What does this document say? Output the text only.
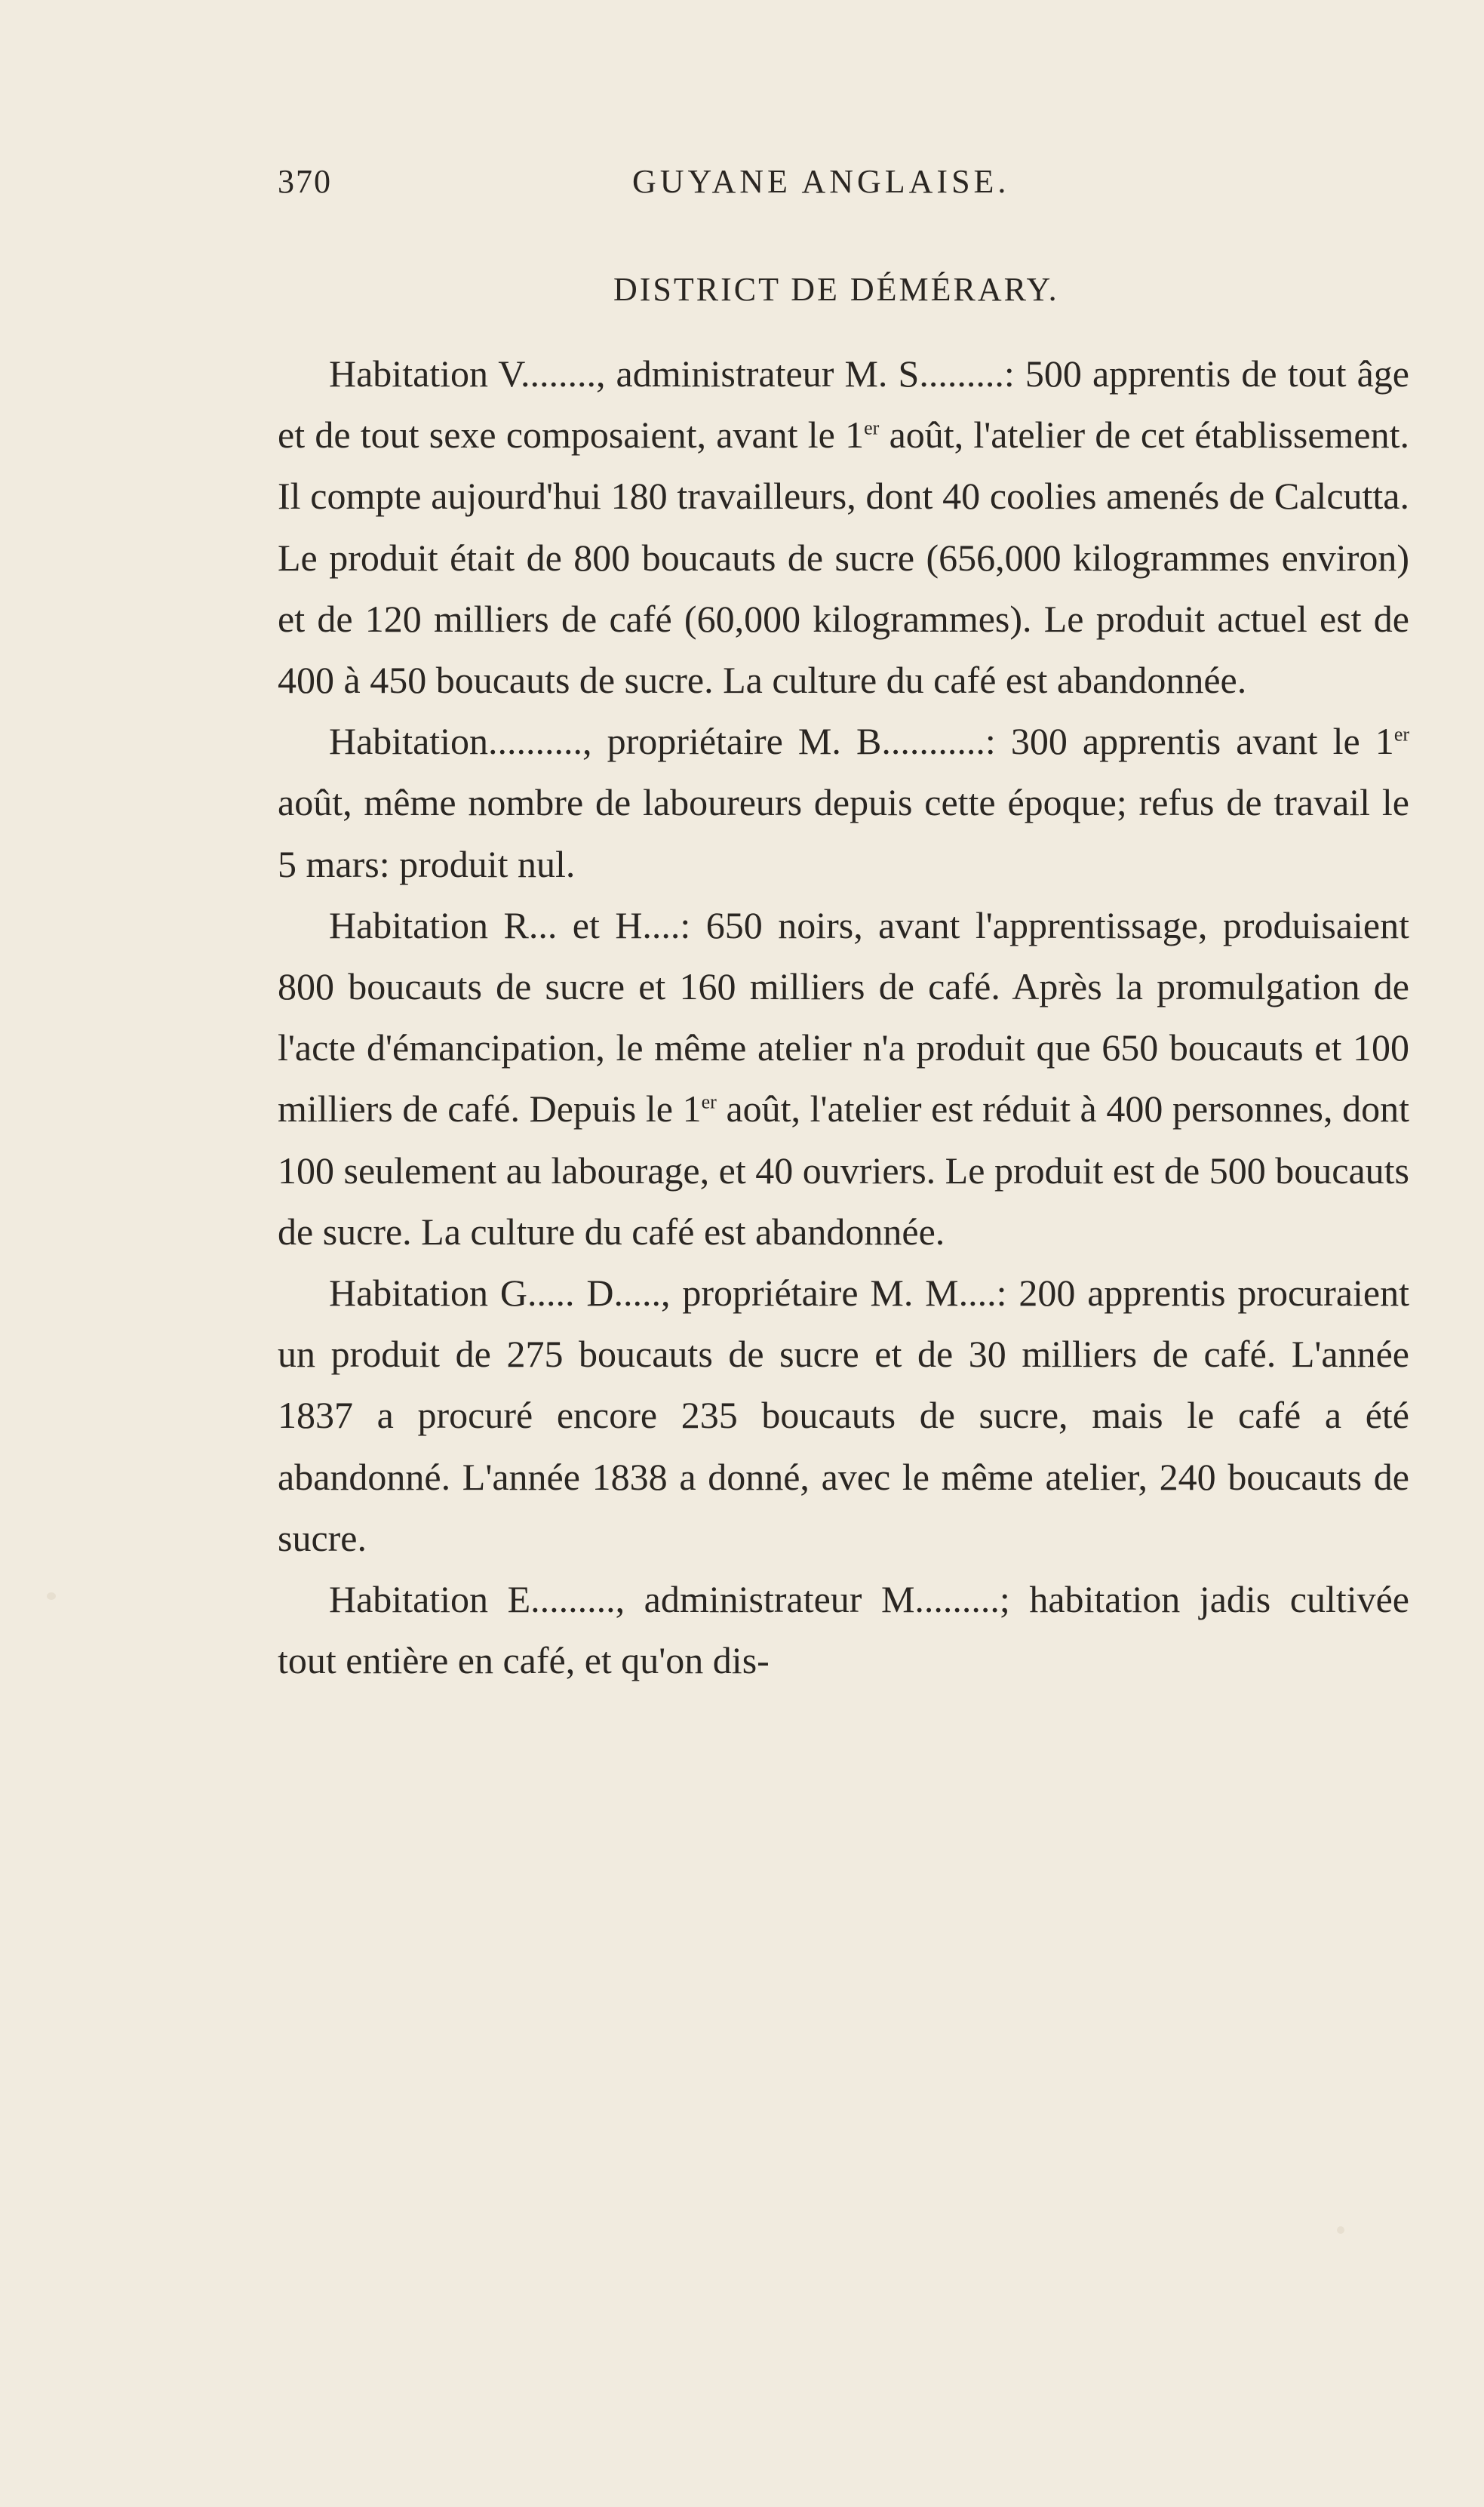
370	GUYANE ANGLAISE.
DISTRICT DE DÉMÉRARY.

Habitation V........, administrateur M. S.........: 500 apprentis de tout âge et de tout sexe composaient, avant le 1er août, l'atelier de cet établissement. Il compte aujourd'hui 180 travailleurs, dont 40 coolies amenés de Calcutta. Le produit était de 800 boucauts de sucre (656,000 kilogrammes environ) et de 120 milliers de café (60,000 kilogrammes). Le produit actuel est de 400 à 450 boucauts de sucre. La culture du café est abandonnée.

Habitation.........., propriétaire M. B...........: 300 apprentis avant le 1er août, même nombre de laboureurs depuis cette époque; refus de travail le 5 mars: produit nul.

Habitation R... et H....: 650 noirs, avant l'apprentissage, produisaient 800 boucauts de sucre et 160 milliers de café. Après la promulgation de l'acte d'émancipation, le même atelier n'a produit que 650 boucauts et 100 milliers de café. Depuis le 1er août, l'atelier est réduit à 400 personnes, dont 100 seulement au labourage, et 40 ouvriers. Le produit est de 500 boucauts de sucre. La culture du café est abandonnée.

Habitation G..... D....., propriétaire M. M....: 200 apprentis procuraient un produit de 275 boucauts de sucre et de 30 milliers de café. L'année 1837 a procuré encore 235 boucauts de sucre, mais le café a été abandonné. L'année 1838 a donné, avec le même atelier, 240 boucauts de sucre.

Habitation E........., administrateur M.........; habitation jadis cultivée tout entière en café, et qu'on dis-
